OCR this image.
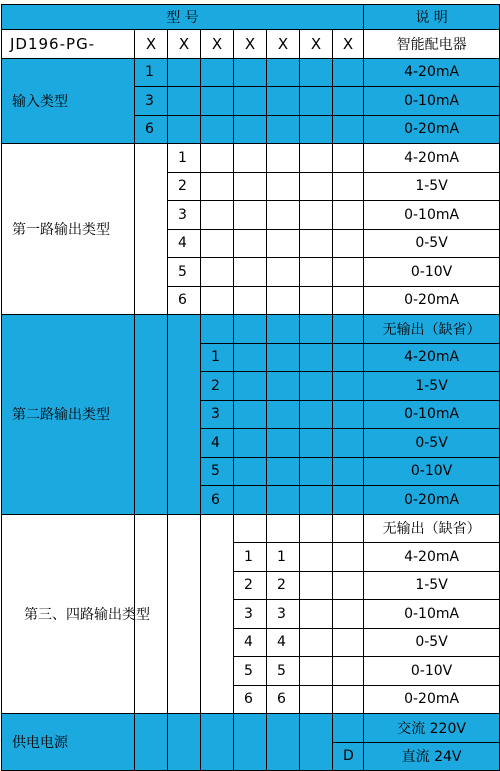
型 号								说 明
JD196-PG-	X	X	X	X	X	X	X	智能配电器
输入类型	1							4-20mA
	3							0-10mA
	6							0-20mA
第一路输出类型		1						4-20mA
		2						1-5V
		3						0-10mA
		4						0-5V
		5						0-10V
		6						0-20mA
第二路输出类型								无输出（缺省）
			1					4-20mA
			2					1-5V
			3					0-10mA
			4					0-5V
			5					0-10V
			6					0-20mA
第三、四路输出类型								无输出（缺省）
				1	1			4-20mA
				2	2			1-5V
				3	3			0-10mA
				4	4			0-5V
				5	5			0-10V
				6	6			0-20mA
供电电源								交流 220V
							D	直流 24V
